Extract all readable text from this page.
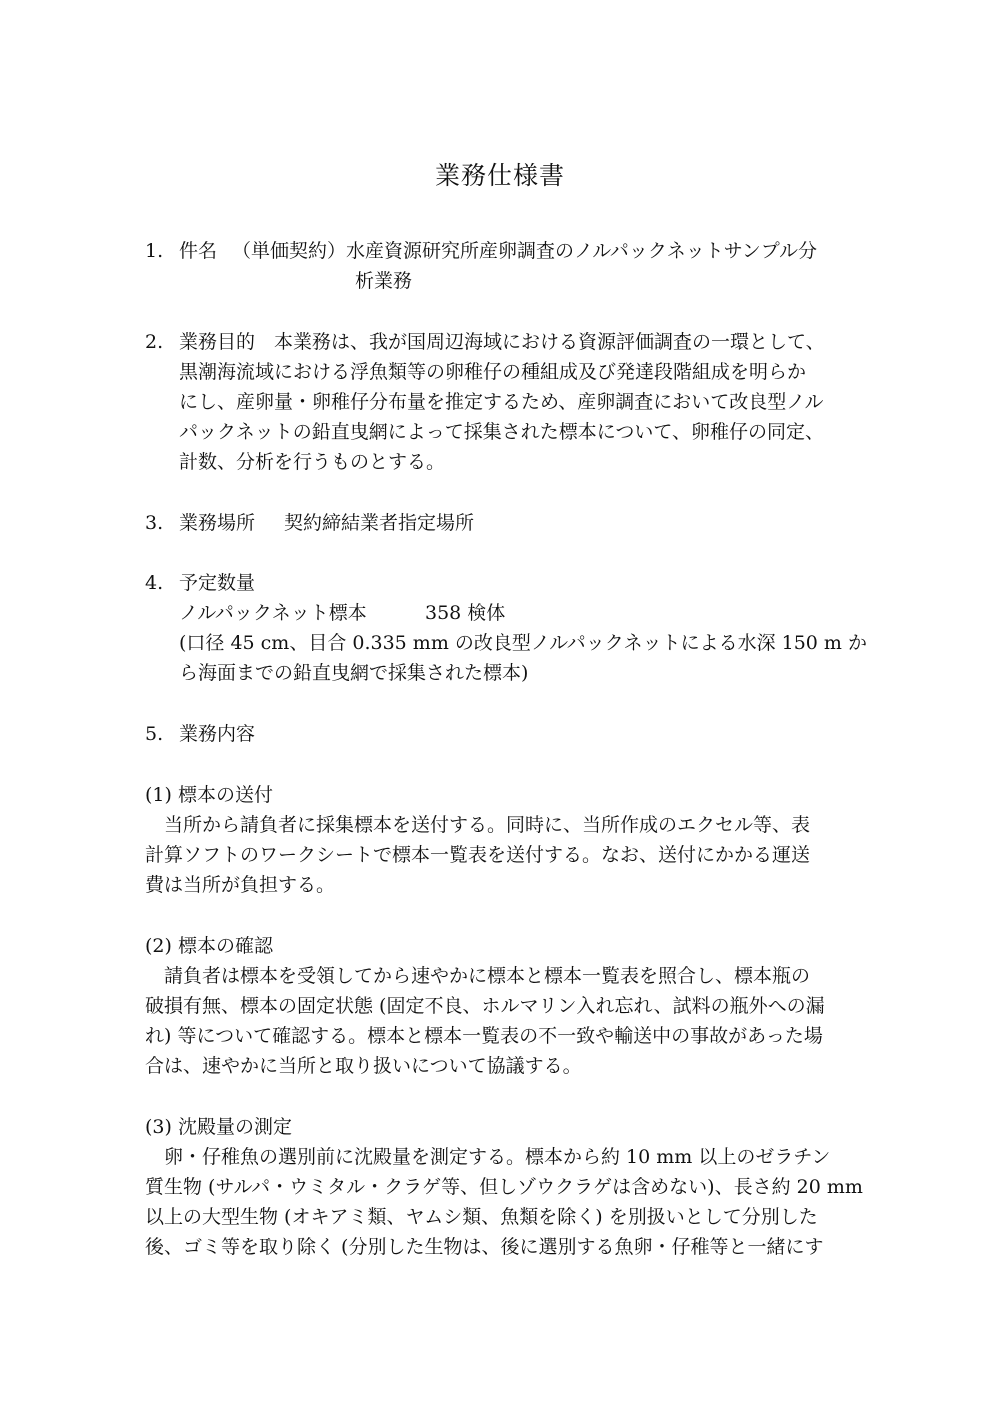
業務仕様書
1. 件名 （単価契約）水産資源研究所産卵調査のノルパックネットサンプル分
析業務
2. 業務目的　本業務は、我が国周辺海域における資源評価調査の一環として、
黒潮海流域における浮魚類等の卵稚仔の種組成及び発達段階組成を明らか
にし、産卵量・卵稚仔分布量を推定するため、産卵調査において改良型ノル
パックネットの鉛直曳網によって採集された標本について、卵稚仔の同定、
計数、分析を行うものとする。
3. 業務場所 契約締結業者指定場所
4. 予定数量
ノルパックネット標本	358 検体
(口径 45 cm、目合 0.335 mm の改良型ノルパックネットによる水深 150 m か
ら海面までの鉛直曳網で採集された標本)
5. 業務内容
(1) 標本の送付
　当所から請負者に採集標本を送付する。同時に、当所作成のエクセル等、表
計算ソフトのワークシートで標本一覧表を送付する。なお、送付にかかる運送
費は当所が負担する。
(2) 標本の確認
　請負者は標本を受領してから速やかに標本と標本一覧表を照合し、標本瓶の
破損有無、標本の固定状態 (固定不良、ホルマリン入れ忘れ、試料の瓶外への漏
れ) 等について確認する。標本と標本一覧表の不一致や輸送中の事故があった場
合は、速やかに当所と取り扱いについて協議する。
(3) 沈殿量の測定
　卵・仔稚魚の選別前に沈殿量を測定する。標本から約 10 mm 以上のゼラチン
質生物 (サルパ・ウミタル・クラゲ等、但しゾウクラゲは含めない)、長さ約 20 mm
以上の大型生物 (オキアミ類、ヤムシ類、魚類を除く) を別扱いとして分別した
後、ゴミ等を取り除く (分別した生物は、後に選別する魚卵・仔稚等と一緒にす
